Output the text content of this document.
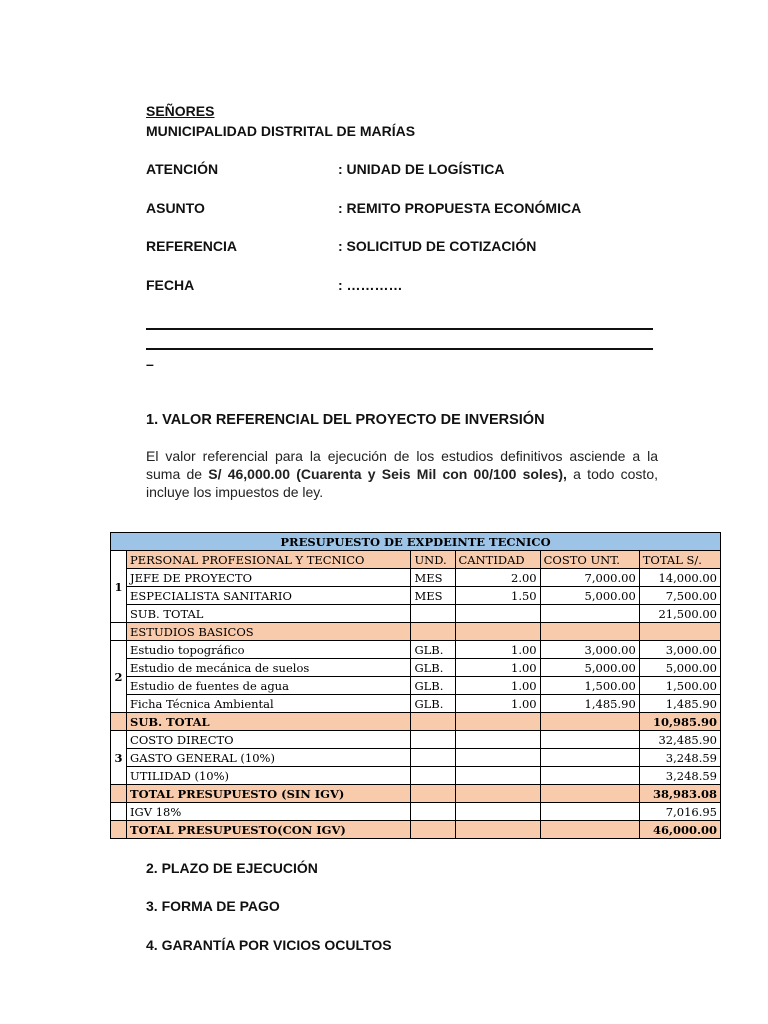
SEÑORES
MUNICIPALIDAD DISTRITAL DE MARÍAS
ATENCIÓN	: UNIDAD DE LOGÍSTICA
ASUNTO	: REMITO PROPUESTA ECONÓMICA
REFERENCIA	: SOLICITUD DE COTIZACIÓN
FECHA	: …………
–
1. VALOR REFERENCIAL DEL PROYECTO DE INVERSIÓN
El valor referencial para la ejecución de los estudios definitivos asciende a la suma de S/ 46,000.00 (Cuarenta y Seis Mil con 00/100 soles), a todo costo, incluye los impuestos de ley.
PRESUPUESTO DE EXPDEINTE TECNICO					
1	PERSONAL PROFESIONAL Y TECNICO	UND.	CANTIDAD	COSTO UNT.	TOTAL S/.
	JEFE DE PROYECTO	MES	2.00	7,000.00	14,000.00
	ESPECIALISTA SANITARIO	MES	1.50	5,000.00	7,500.00
	SUB. TOTAL				21,500.00
	ESTUDIOS BASICOS				
2	Estudio topográfico	GLB.	1.00	3,000.00	3,000.00
	Estudio de mecánica de suelos	GLB.	1.00	5,000.00	5,000.00
	Estudio de fuentes de agua	GLB.	1.00	1,500.00	1,500.00
	Ficha Técnica Ambiental	GLB.	1.00	1,485.90	1,485.90
	SUB. TOTAL				10,985.90
3	COSTO DIRECTO				32,485.90
	GASTO GENERAL (10%)				3,248.59
	UTILIDAD (10%)				3,248.59
	TOTAL PRESUPUESTO (SIN IGV)				38,983.08
	IGV 18%				7,016.95
	TOTAL PRESUPUESTO(CON IGV)				46,000.00
2. PLAZO DE EJECUCIÓN
3. FORMA DE PAGO
4. GARANTÍA POR VICIOS OCULTOS
